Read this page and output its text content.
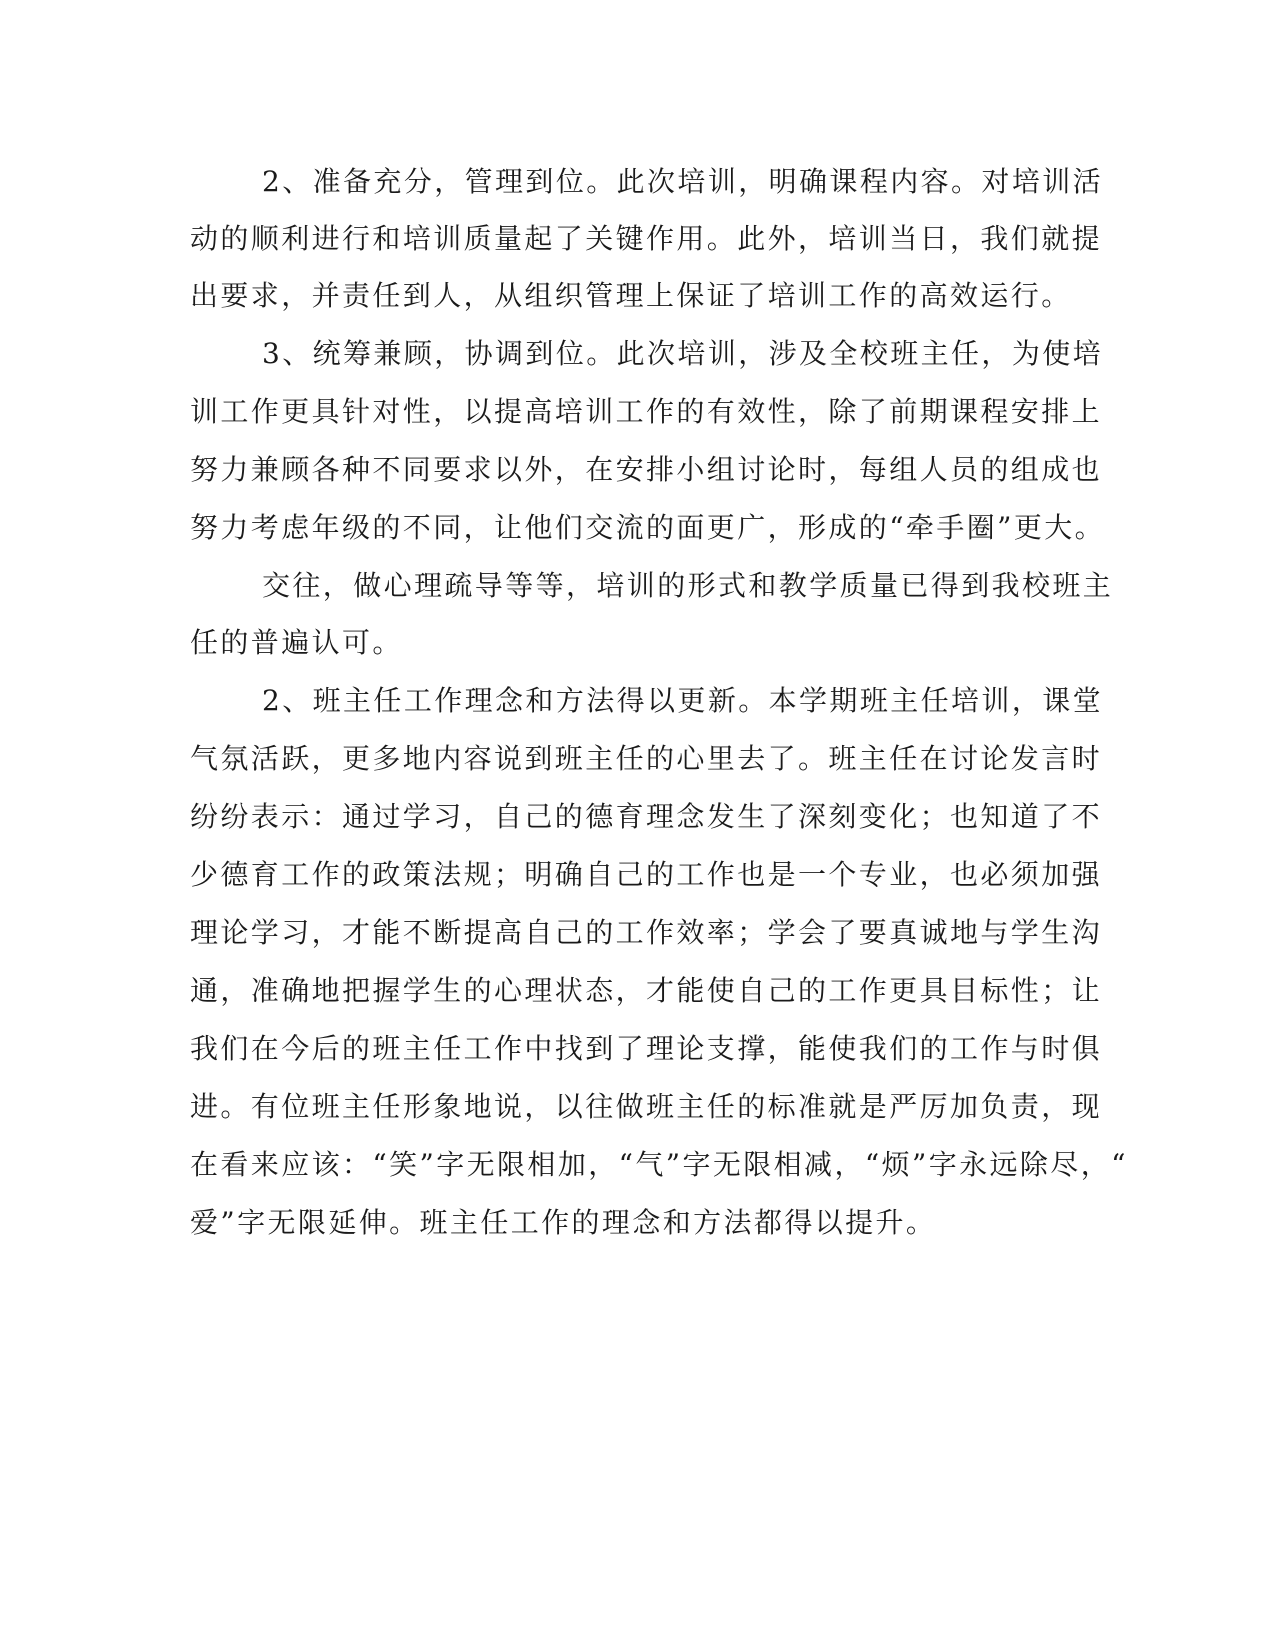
2、准备充分，管理到位。此次培训，明确课程内容。对培训活
动的顺利进行和培训质量起了关键作用。此外，培训当日，我们就提
出要求，并责任到人，从组织管理上保证了培训工作的高效运行。
3、统筹兼顾，协调到位。此次培训，涉及全校班主任，为使培
训工作更具针对性，以提高培训工作的有效性，除了前期课程安排上
努力兼顾各种不同要求以外，在安排小组讨论时，每组人员的组成也
努力考虑年级的不同，让他们交流的面更广，形成的“牵手圈”更大。
交往，做心理疏导等等，培训的形式和教学质量已得到我校班主
任的普遍认可。
2、班主任工作理念和方法得以更新。本学期班主任培训，课堂
气氛活跃，更多地内容说到班主任的心里去了。班主任在讨论发言时
纷纷表示：通过学习，自己的德育理念发生了深刻变化；也知道了不
少德育工作的政策法规；明确自己的工作也是一个专业，也必须加强
理论学习，才能不断提高自己的工作效率；学会了要真诚地与学生沟
通，准确地把握学生的心理状态，才能使自己的工作更具目标性；让
我们在今后的班主任工作中找到了理论支撑，能使我们的工作与时俱
进。有位班主任形象地说，以往做班主任的标准就是严厉加负责，现
在看来应该：“笑”字无限相加，“气”字无限相减，“烦”字永远除尽，“
爱”字无限延伸。班主任工作的理念和方法都得以提升。
